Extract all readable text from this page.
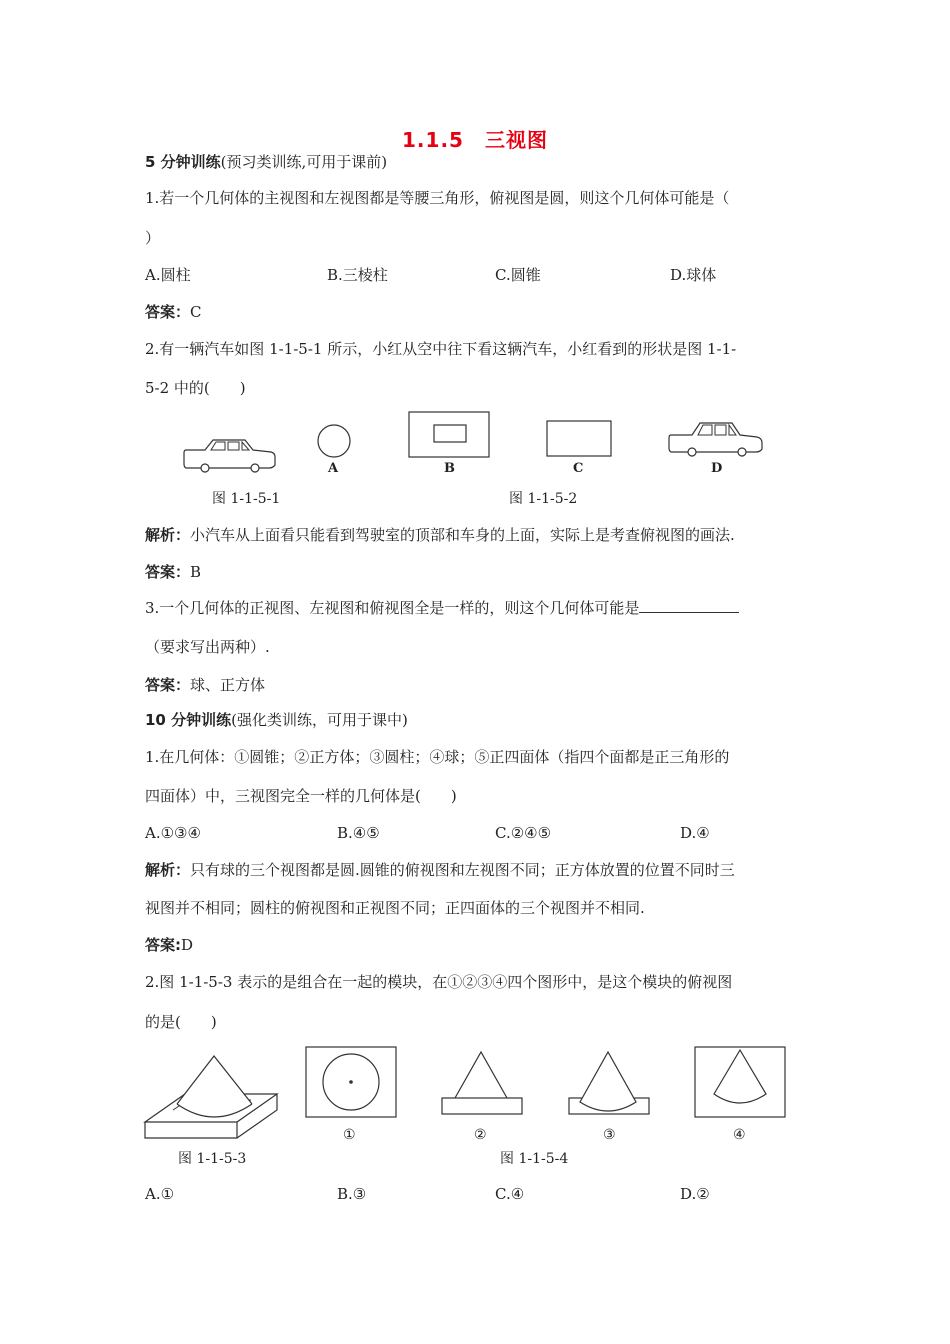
1.1.5　三视图
5 分钟训练(预习类训练,可用于课前)
1.若一个几何体的主视图和左视图都是等腰三角形，俯视图是圆，则这个几何体可能是（
）
A.圆柱	B.三棱柱	C.圆锥	D.球体
答案：C
2.有一辆汽车如图 1-1-5-1 所示，小红从空中往下看这辆汽车，小红看到的形状是图 1-1-
5-2 中的(　　)
A	B	C	D
图 1-1-5-1	图 1-1-5-2
解析：小汽车从上面看只能看到驾驶室的顶部和车身的上面，实际上是考查俯视图的画法.
答案：B
3.一个几何体的正视图、左视图和俯视图全是一样的，则这个几何体可能是
（要求写出两种）.
答案：球、正方体
10 分钟训练(强化类训练，可用于课中)
1.在几何体：①圆锥；②正方体；③圆柱；④球；⑤正四面体（指四个面都是正三角形的
四面体）中，三视图完全一样的几何体是(　　)
A.①③④	B.④⑤	C.②④⑤	D.④
解析：只有球的三个视图都是圆.圆锥的俯视图和左视图不同；正方体放置的位置不同时三
视图并不相同；圆柱的俯视图和正视图不同；正四面体的三个视图并不相同.
答案:D
2.图 1-1-5-3 表示的是组合在一起的模块，在①②③④四个图形中，是这个模块的俯视图
的是(　　)
①	②	③	④
图 1-1-5-3	图 1-1-5-4
A.①	B.③	C.④	D.②
